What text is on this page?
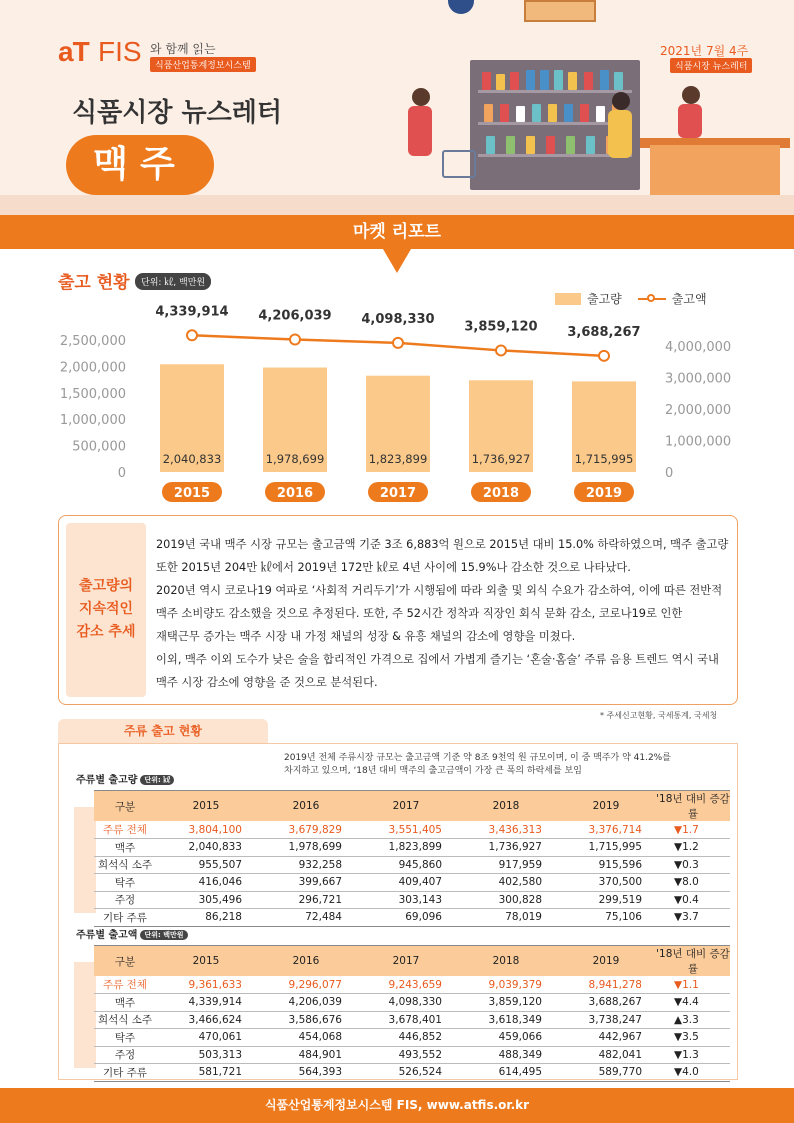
aT FIS 와 함께 읽는
식품산업통계정보시스템
2021년 7월 4주
식품시장 뉴스레터
식품시장 뉴스레터
맥주
마켓 리포트
출고 현황	단위: ㎘, 백만원
출고량	출고액
0
500,000
1,000,000
1,500,000
2,000,000
2,500,000
0
1,000,000
2,000,000
3,000,000
4,000,000
2,040,833	1,978,699	1,823,899	1,736,927	1,715,995
4,339,914 4,206,039 4,098,330
3,859,120 3,688,267
2015	2016	2017	2018	2019
출고량의
지속적인
감소 추세
2019년 국내 맥주 시장 규모는 출고금액 기준 3조 6,883억 원으로 2015년 대비 15.0% 하락하였으며, 맥주 출고량
또한 2015년 204만 ㎘에서 2019년 172만 ㎘로 4년 사이에 15.9%나 감소한 것으로 나타났다.
2020년 역시 코로나19 여파로 ‘사회적 거리두기’가 시행됨에 따라 외출 및 외식 수요가 감소하여, 이에 따른 전반적
맥주 소비량도 감소했을 것으로 추정된다. 또한, 주 52시간 정착과 직장인 회식 문화 감소, 코로나19로 인한
재택근무 증가는 맥주 시장 내 가정 채널의 성장 & 유흥 채널의 감소에 영향을 미쳤다.
이외, 맥주 이외 도수가 낮은 술을 합리적인 가격으로 집에서 가볍게 즐기는 ‘혼술·홈술’ 주류 음용 트렌드 역시 국내
맥주 시장 감소에 영향을 준 것으로 분석된다.
* 주세신고현황, 국세통계, 국세청
주류 출고 현황
2019년 전체 주류시장 규모는 출고금액 기준 약 8조 9천억 원 규모이며, 이 중 맥주가 약 41.2%를
차지하고 있으며, ‘18년 대비 맥주의 출고금액이 가장 큰 폭의 하락세를 보임
주류별 출고량 단위: ㎘
구분	2015	2016	2017	2018	2019	'18년 대비 증감률
주류 전체	3,804,100	3,679,829	3,551,405	3,436,313	3,376,714	▼1.7
맥주	2,040,833	1,978,699	1,823,899	1,736,927	1,715,995	▼1.2
희석식 소주	955,507	932,258	945,860	917,959	915,596	▼0.3
탁주	416,046	399,667	409,407	402,580	370,500	▼8.0
주정	305,496	296,721	303,143	300,828	299,519	▼0.4
기타 주류	86,218	72,484	69,096	78,019	75,106	▼3.7
주류별 출고액 단위: 백만원
구분	2015	2016	2017	2018	2019	'18년 대비 증감률
주류 전체	9,361,633	9,296,077	9,243,659	9,039,379	8,941,278	▼1.1
맥주	4,339,914	4,206,039	4,098,330	3,859,120	3,688,267	▼4.4
희석식 소주	3,466,624	3,586,676	3,678,401	3,618,349	3,738,247	▲3.3
탁주	470,061	454,068	446,852	459,066	442,967	▼3.5
주정	503,313	484,901	493,552	488,349	482,041	▼1.3
기타 주류	581,721	564,393	526,524	614,495	589,770	▼4.0
식품산업통계정보시스템 FIS, www.atfis.or.kr
